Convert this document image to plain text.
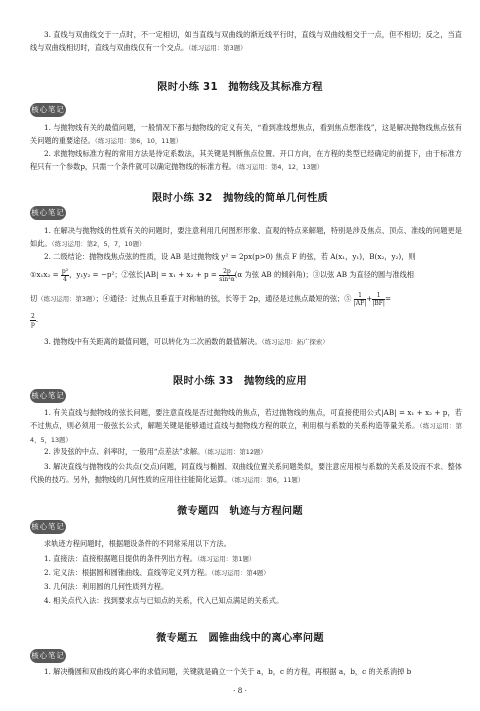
3. 直线与双曲线交于一点时，不一定相切，如当直线与双曲线的渐近线平行时，直线与双曲线相交于一点，但不相切；反之，当直线与双曲线相切时，直线与双曲线仅有一个交点。（练习运用：第3题）
限时小练 31　抛物线及其标准方程
核心笔记
1. 与抛物线有关的最值问题，一般情况下都与抛物线的定义有关，“看到准线想焦点，看到焦点想准线”，这是解决抛物线焦点弦有关问题的重要途径。（练习运用：第6，10，11题）
2. 求抛物线标准方程的常用方法是待定系数法，其关键是判断焦点位置、开口方向，在方程的类型已经确定的前提下，由于标准方程只有一个参数p，只需一个条件就可以确定抛物线的标准方程。（练习运用：第4，12，13题）
限时小练 32　抛物线的简单几何性质
核心笔记
1. 在解决与抛物线的性质有关的问题时，要注意利用几何图形形象、直观的特点来解题，特别是涉及焦点、顶点、准线的问题更是如此。（练习运用：第2，5，7，10题）
2. 二级结论：抛物线焦点弦的性质，设 AB 是过抛物线 y² = 2px(p>0) 焦点 F 的弦，若 A(x₁，y₁)，B(x₂，y₂)，则
①x₁x₂ = $\frac{\text{p²}}{4}$ ，y₁y₂ = −p²；②弦长$|AB| = x_1 + x_2 + p = \frac{2p}{\text{sin²α}} (\alpha$ 为弦 AB 的倾斜角)；③以弦 AB 为直径的圆与准线相
切（练习运用：第3题）；④通径：过焦点且垂直于对称轴的弦，长等于 2p，通径是过焦点最短的弦；⑤ $\frac{1}{|AF|} + \frac{1}{|BF|}$ =
$\frac{2}{p}$ .
3. 抛物线中有关距离的最值问题，可以转化为二次函数的最值解决。（练习运用：拓广探索）
限时小练 33　抛物线的应用
核心笔记
1. 有关直线与抛物线的弦长问题，要注意直线是否过抛物线的焦点，若过抛物线的焦点，可直接使用公式|AB| = x₁ + x₂ + p，若不过焦点，则必须用一般弦长公式，解题关键是能够通过直线与抛物线方程的联立，利用根与系数的关系构造等量关系。（练习运用：第4，5，13题）
2. 涉及弦的中点、斜率时，一般用“点差法”求解。（练习运用：第12题）
3. 解决直线与抛物线的公共点(交点)问题，同直线与椭圆、双曲线位置关系问题类似，要注意应用根与系数的关系及设而不求、整体代换的技巧。另外，抛物线的几何性质的应用往往能简化运算。（练习运用：第6，11题）
微专题四　轨迹与方程问题
核心笔记
求轨迹方程问题时，根据题设条件的不同常采用以下方法。
1. 直接法：直接根据题目提供的条件列出方程。（练习运用：第1题）
2. 定义法：根据圆和圆锥曲线、直线等定义列方程。（练习运用：第4题）
3. 几何法：利用圆的几何性质列方程。
4. 相关点代入法：找到要求点与已知点的关系，代入已知点满足的关系式。
微专题五　圆锥曲线中的离心率问题
核心笔记
1. 解决椭圆和双曲线的离心率的求值问题，关键就是确立一个关于 a，b，c 的方程，再根据 a，b，c 的关系消掉 b
· 8 ·
